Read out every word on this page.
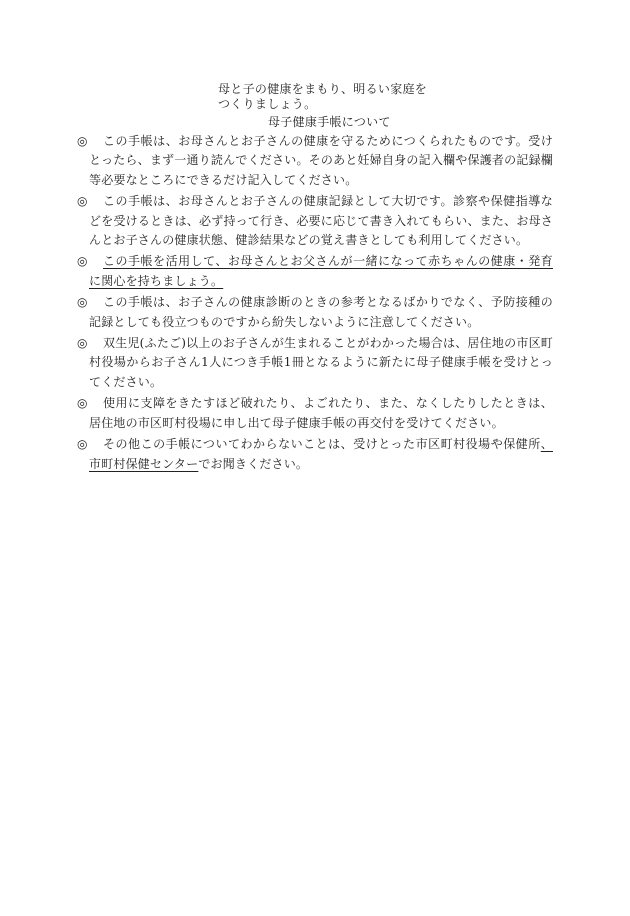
母と子の健康をまもり、明るい家庭を
つくりましょう。
母子健康手帳について
◎	この手帳は、お母さんとお子さんの健康を守るためにつくられたものです。受けとったら、まず一通り読んでください。そのあと妊婦自身の記入欄や保護者の記録欄等必要なところにできるだけ記入してください。
◎	この手帳は、お母さんとお子さんの健康記録として大切です。診察や保健指導などを受けるときは、必ず持って行き、必要に応じて書き入れてもらい、また、お母さんとお子さんの健康状態、健診結果などの覚え書きとしても利用してください。
◎	この手帳を活用して、お母さんとお父さんが一緒になって赤ちゃんの健康・発育に関心を持ちましょう。
◎	この手帳は、お子さんの健康診断のときの参考となるばかりでなく、予防接種の記録としても役立つものですから紛失しないように注意してください。
◎	双生児(ふたご)以上のお子さんが生まれることがわかった場合は、居住地の市区町村役場からお子さん1人につき手帳1冊となるように新たに母子健康手帳を受けとってください。
◎	使用に支障をきたすほど破れたり、よごれたり、また、なくしたりしたときは、居住地の市区町村役場に申し出て母子健康手帳の再交付を受けてください。
◎	その他この手帳についてわからないことは、受けとった市区町村役場や保健所、市町村保健センターでお聞きください。
